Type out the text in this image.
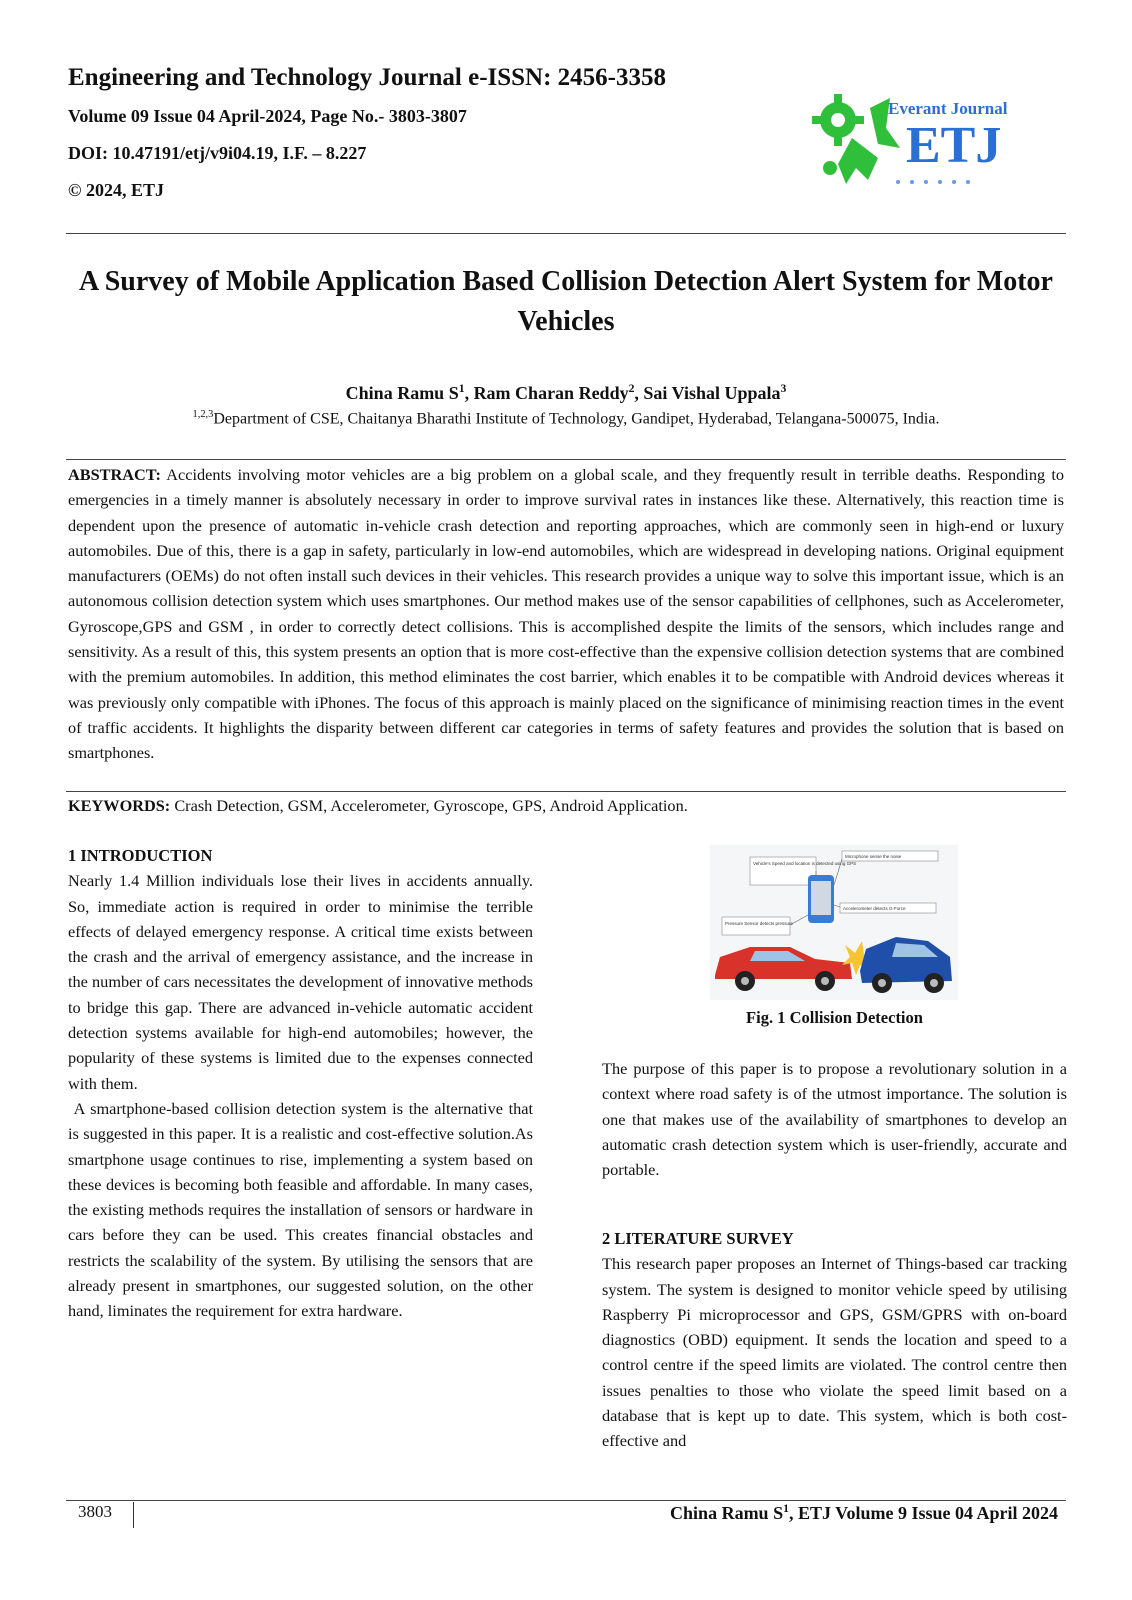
Engineering and Technology Journal e-ISSN: 2456-3358

Volume 09 Issue 04 April-2024, Page No.- 3803-3807

DOI: 10.47191/etj/v9i04.19, I.F. – 8.227

© 2024, ETJ

Everant Journal
ETJ
A Survey of Mobile Application Based Collision Detection Alert System for Motor Vehicles
China Ramu $S^1$, Ram Charan Reddy$^2$, Sai Vishal Uppala$^3$
$^{1,2,3}$Department of CSE, Chaitanya Bharathi Institute of Technology, Gandipet, Hyderabad, Telangana-500075, India.
ABSTRACT: Accidents involving motor vehicles are a big problem on a global scale, and they frequently result in terrible deaths. Responding to emergencies in a timely manner is absolutely necessary in order to improve survival rates in instances like these. Alternatively, this reaction time is dependent upon the presence of automatic in-vehicle crash detection and reporting approaches, which are commonly seen in high-end or luxury automobiles. Due of this, there is a gap in safety, particularly in low-end automobiles, which are widespread in developing nations. Original equipment manufacturers (OEMs) do not often install such devices in their vehicles. This research provides a unique way to solve this important issue, which is an autonomous collision detection system which uses smartphones. Our method makes use of the sensor capabilities of cellphones, such as Accelerometer, Gyroscope,GPS and GSM , in order to correctly detect collisions. This is accomplished despite the limits of the sensors, which includes range and sensitivity. As a result of this, this system presents an option that is more cost-effective than the expensive collision detection systems that are combined with the premium automobiles. In addition, this method eliminates the cost barrier, which enables it to be compatible with Android devices whereas it was previously only compatible with iPhones. The focus of this approach is mainly placed on the significance of minimising reaction times in the event of traffic accidents. It highlights the disparity between different car categories in terms of safety features and provides the solution that is based on smartphones.
KEYWORDS: Crash Detection, GSM, Accelerometer, Gyroscope, GPS, Android Application.

1 INTRODUCTION

Nearly 1.4 Million individuals lose their lives in accidents annually. So, immediate action is required in order to minimise the terrible effects of delayed emergency response. A critical time exists between the crash and the arrival of emergency assistance, and the increase in the number of cars necessitates the development of innovative methods to bridge this gap. There are advanced in-vehicle automatic accident detection systems available for high-end automobiles; however, the popularity of these systems is limited due to the expenses connected with them.

A smartphone-based collision detection system is the alternative that is suggested in this paper. It is a realistic and cost-effective solution.As smartphone usage continues to rise, implementing a system based on these devices is becoming both feasible and affordable. In many cases, the existing methods requires the installation of sensors or hardware in cars before they can be used. This creates financial obstacles and restricts the scalability of the system. By utilising the sensors that are already present in smartphones, our suggested solution, on the other hand, liminates the requirement for extra hardware.

Vehicle's Speed and location is detected using GPS
Microphone sense the noise
Pressure Sensor detects pressure
Accelerometer detects G-Force
Fig. 1 Collision Detection

The purpose of this paper is to propose a revolutionary solution in a context where road safety is of the utmost importance. The solution is one that makes use of the availability of smartphones to develop an automatic crash detection system which is user-friendly, accurate and portable.

2 LITERATURE SURVEY

This research paper proposes an Internet of Things-based car tracking system. The system is designed to monitor vehicle speed by utilising Raspberry Pi microprocessor and GPS, GSM/GPRS with on-board diagnostics (OBD) equipment. It sends the location and speed to a control centre if the speed limits are violated. The control centre then issues penalties to those who violate the speed limit based on a database that is kept up to date. This system, which is both cost-effective and

3803	China Ramu $S^1$, ETJ Volume 9 Issue 04 April 2024
